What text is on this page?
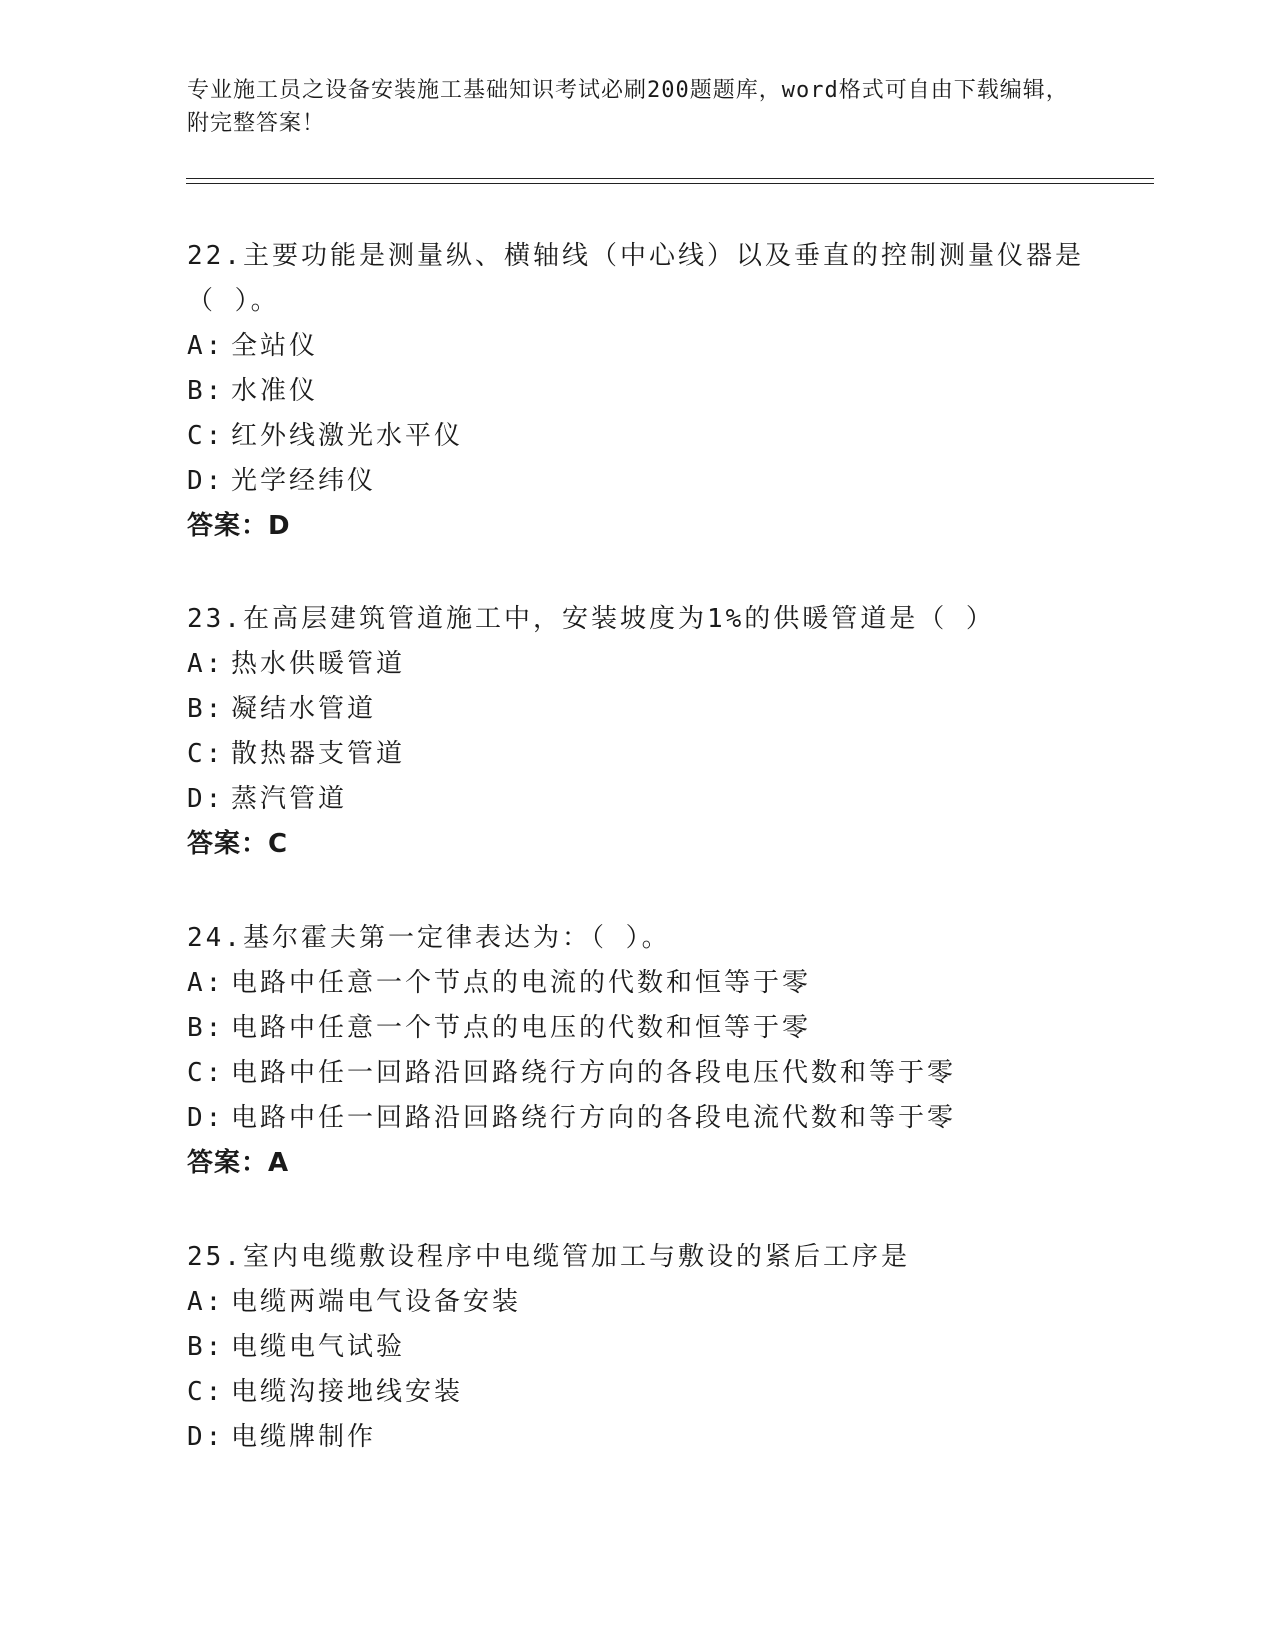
专业施工员之设备安装施工基础知识考试必刷200题题库，word格式可自由下载编辑，附完整答案！
22.主要功能是测量纵、横轴线（中心线）以及垂直的控制测量仪器是（ ）。
A: 全站仪
B: 水准仪
C: 红外线激光水平仪
D: 光学经纬仪
答案：D
23.在高层建筑管道施工中，安装坡度为1%的供暖管道是（ ）
A: 热水供暖管道
B: 凝结水管道
C: 散热器支管道
D: 蒸汽管道
答案：C
24.基尔霍夫第一定律表达为：（ ）。
A: 电路中任意一个节点的电流的代数和恒等于零
B: 电路中任意一个节点的电压的代数和恒等于零
C: 电路中任一回路沿回路绕行方向的各段电压代数和等于零
D: 电路中任一回路沿回路绕行方向的各段电流代数和等于零
答案：A
25.室内电缆敷设程序中电缆管加工与敷设的紧后工序是
A: 电缆两端电气设备安装
B: 电缆电气试验
C: 电缆沟接地线安装
D: 电缆牌制作
